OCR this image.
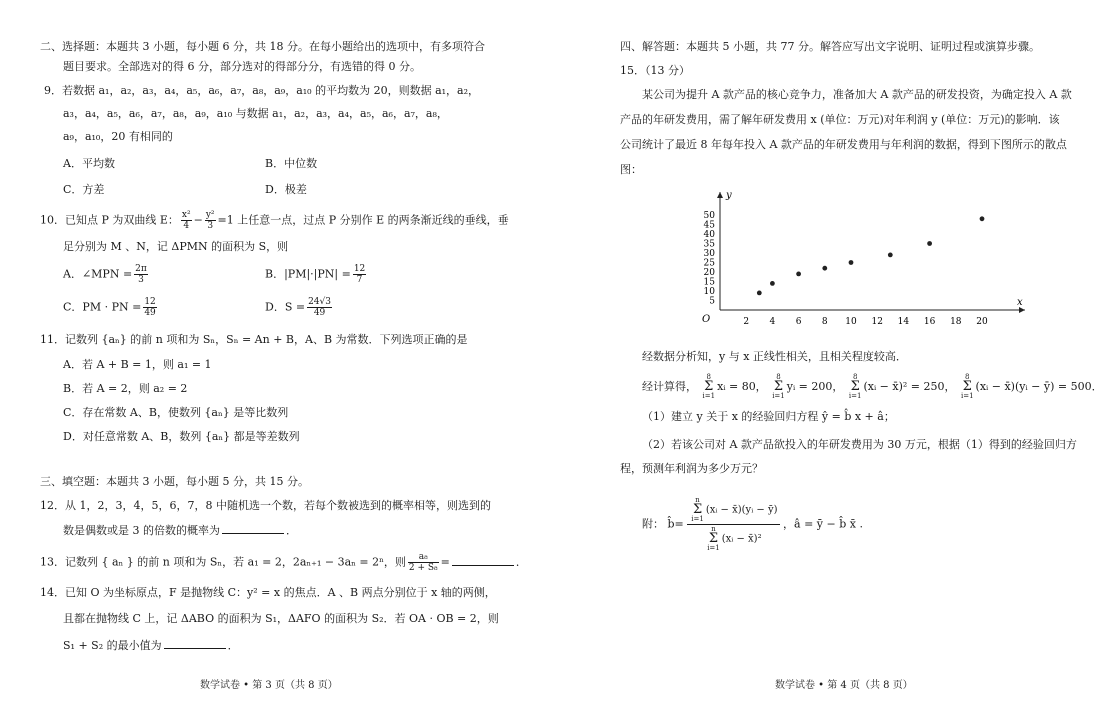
二、选择题：本题共 3 小题，每小题 6 分，共 18 分。在每小题给出的选项中，有多项符合
题目要求。全部选对的得 6 分，部分选对的得部分分，有选错的得 0 分。
9．若数据 a₁，a₂，a₃，a₄，a₅，a₆，a₇，a₈，a₉，a₁₀ 的平均数为 20，则数据 a₁，a₂，
a₃，a₄，a₅，a₆，a₇，a₈，a₉，a₁₀ 与数据 a₁，a₂，a₃，a₄，a₅，a₆，a₇，a₈，
a₉，a₁₀，20 有相同的
A．平均数	B．中位数
C．方差	D．极差
10．已知点 P 为双曲线 E： $\frac{\text{x²}}{4} - \frac{\text{y²}}{3} =1$ 上任意一点，过点 P 分别作 E 的两条渐近线的垂线，垂
足分别为 M 、N，记 ΔPMN 的面积为 S，则
A．∠MPN = $\frac{2\pi}{3}$	B．$|PM|\cdot|PN| = \frac{12}{7}$
C．PM · PN = $\frac{12}{49}$	D．$S = \frac{24√3}{49}$
11．记数列 {aₙ} 的前 n 项和为 Sₙ，Sₙ = An + B，A、B 为常数．下列选项正确的是
A．若 A + B = 1，则 a₁ = 1
B．若 A = 2，则 a₂ = 2
C．存在常数 A、B，使数列 {aₙ} 是等比数列
D．对任意常数 A、B，数列 {aₙ} 都是等差数列
三、填空题：本题共 3 小题，每小题 5 分，共 15 分。
12．从 1，2，3，4，5，6，7，8 中随机选一个数，若每个数被选到的概率相等，则选到的
数是偶数或是 3 的倍数的概率为	．
13．记数列 { aₙ } 的前 n 项和为 Sₙ，若 a₁ = 2，2aₙ₊₁ − 3aₙ = 2ⁿ，则 $\frac{\text{a₈}}{\text{2 + S₈}}$ =	．
14．已知 O 为坐标原点，F 是抛物线 C：y² = x 的焦点．A 、B 两点分别位于 x 轴的两侧，
且都在抛物线 C 上，记 ΔABO 的面积为 S₁，ΔAFO 的面积为 S₂．若 OA · OB = 2，则
S₁ + S₂ 的最小值为	．
数学试卷 • 第 3 页（共 8 页）
四、解答题：本题共 5 小题，共 77 分。解答应写出文字说明、证明过程或演算步骤。
15．（13 分）
某公司为提升 A 款产品的核心竞争力，准备加大 A 款产品的研发投资，为确定投入 A 款
产品的年研发费用，需了解年研发费用 x (单位：万元)对年利润 y (单位：万元)的影响．该
公司统计了最近 8 年每年投入 A 款产品的年研发费用与年利润的数据，得到下图所示的散点
图：
x
y
O	2 4 6 8 10 12 14 16 18 20
5
10
15
20
25
30
35
40
45
50
经数据分析知，y 与 x 正线性相关，且相关程度较高．
经计算得， 8
Σ
i=1xᵢ = 80， 8
Σ
i=1yᵢ = 200， 8
Σ
i=1(xᵢ − x̄)² = 250， 8
Σ
i=1(xᵢ − x̄)(yᵢ − ȳ) = 500．
（1）建立 y 关于 x 的经验回归方程 ŷ = b̂ x + â；
（2）若该公司对 A 款产品欲投入的年研发费用为 30 万元，根据（1）得到的经验回归方
程，预测年利润为多少万元？
附： b̂=
n
Σ
i=1(xᵢ − x̄)(yᵢ − ȳ)
n
Σ
i=1(xᵢ − x̄)²
，â = ȳ − b̂ x̄ .
数学试卷 • 第 4 页（共 8 页）
